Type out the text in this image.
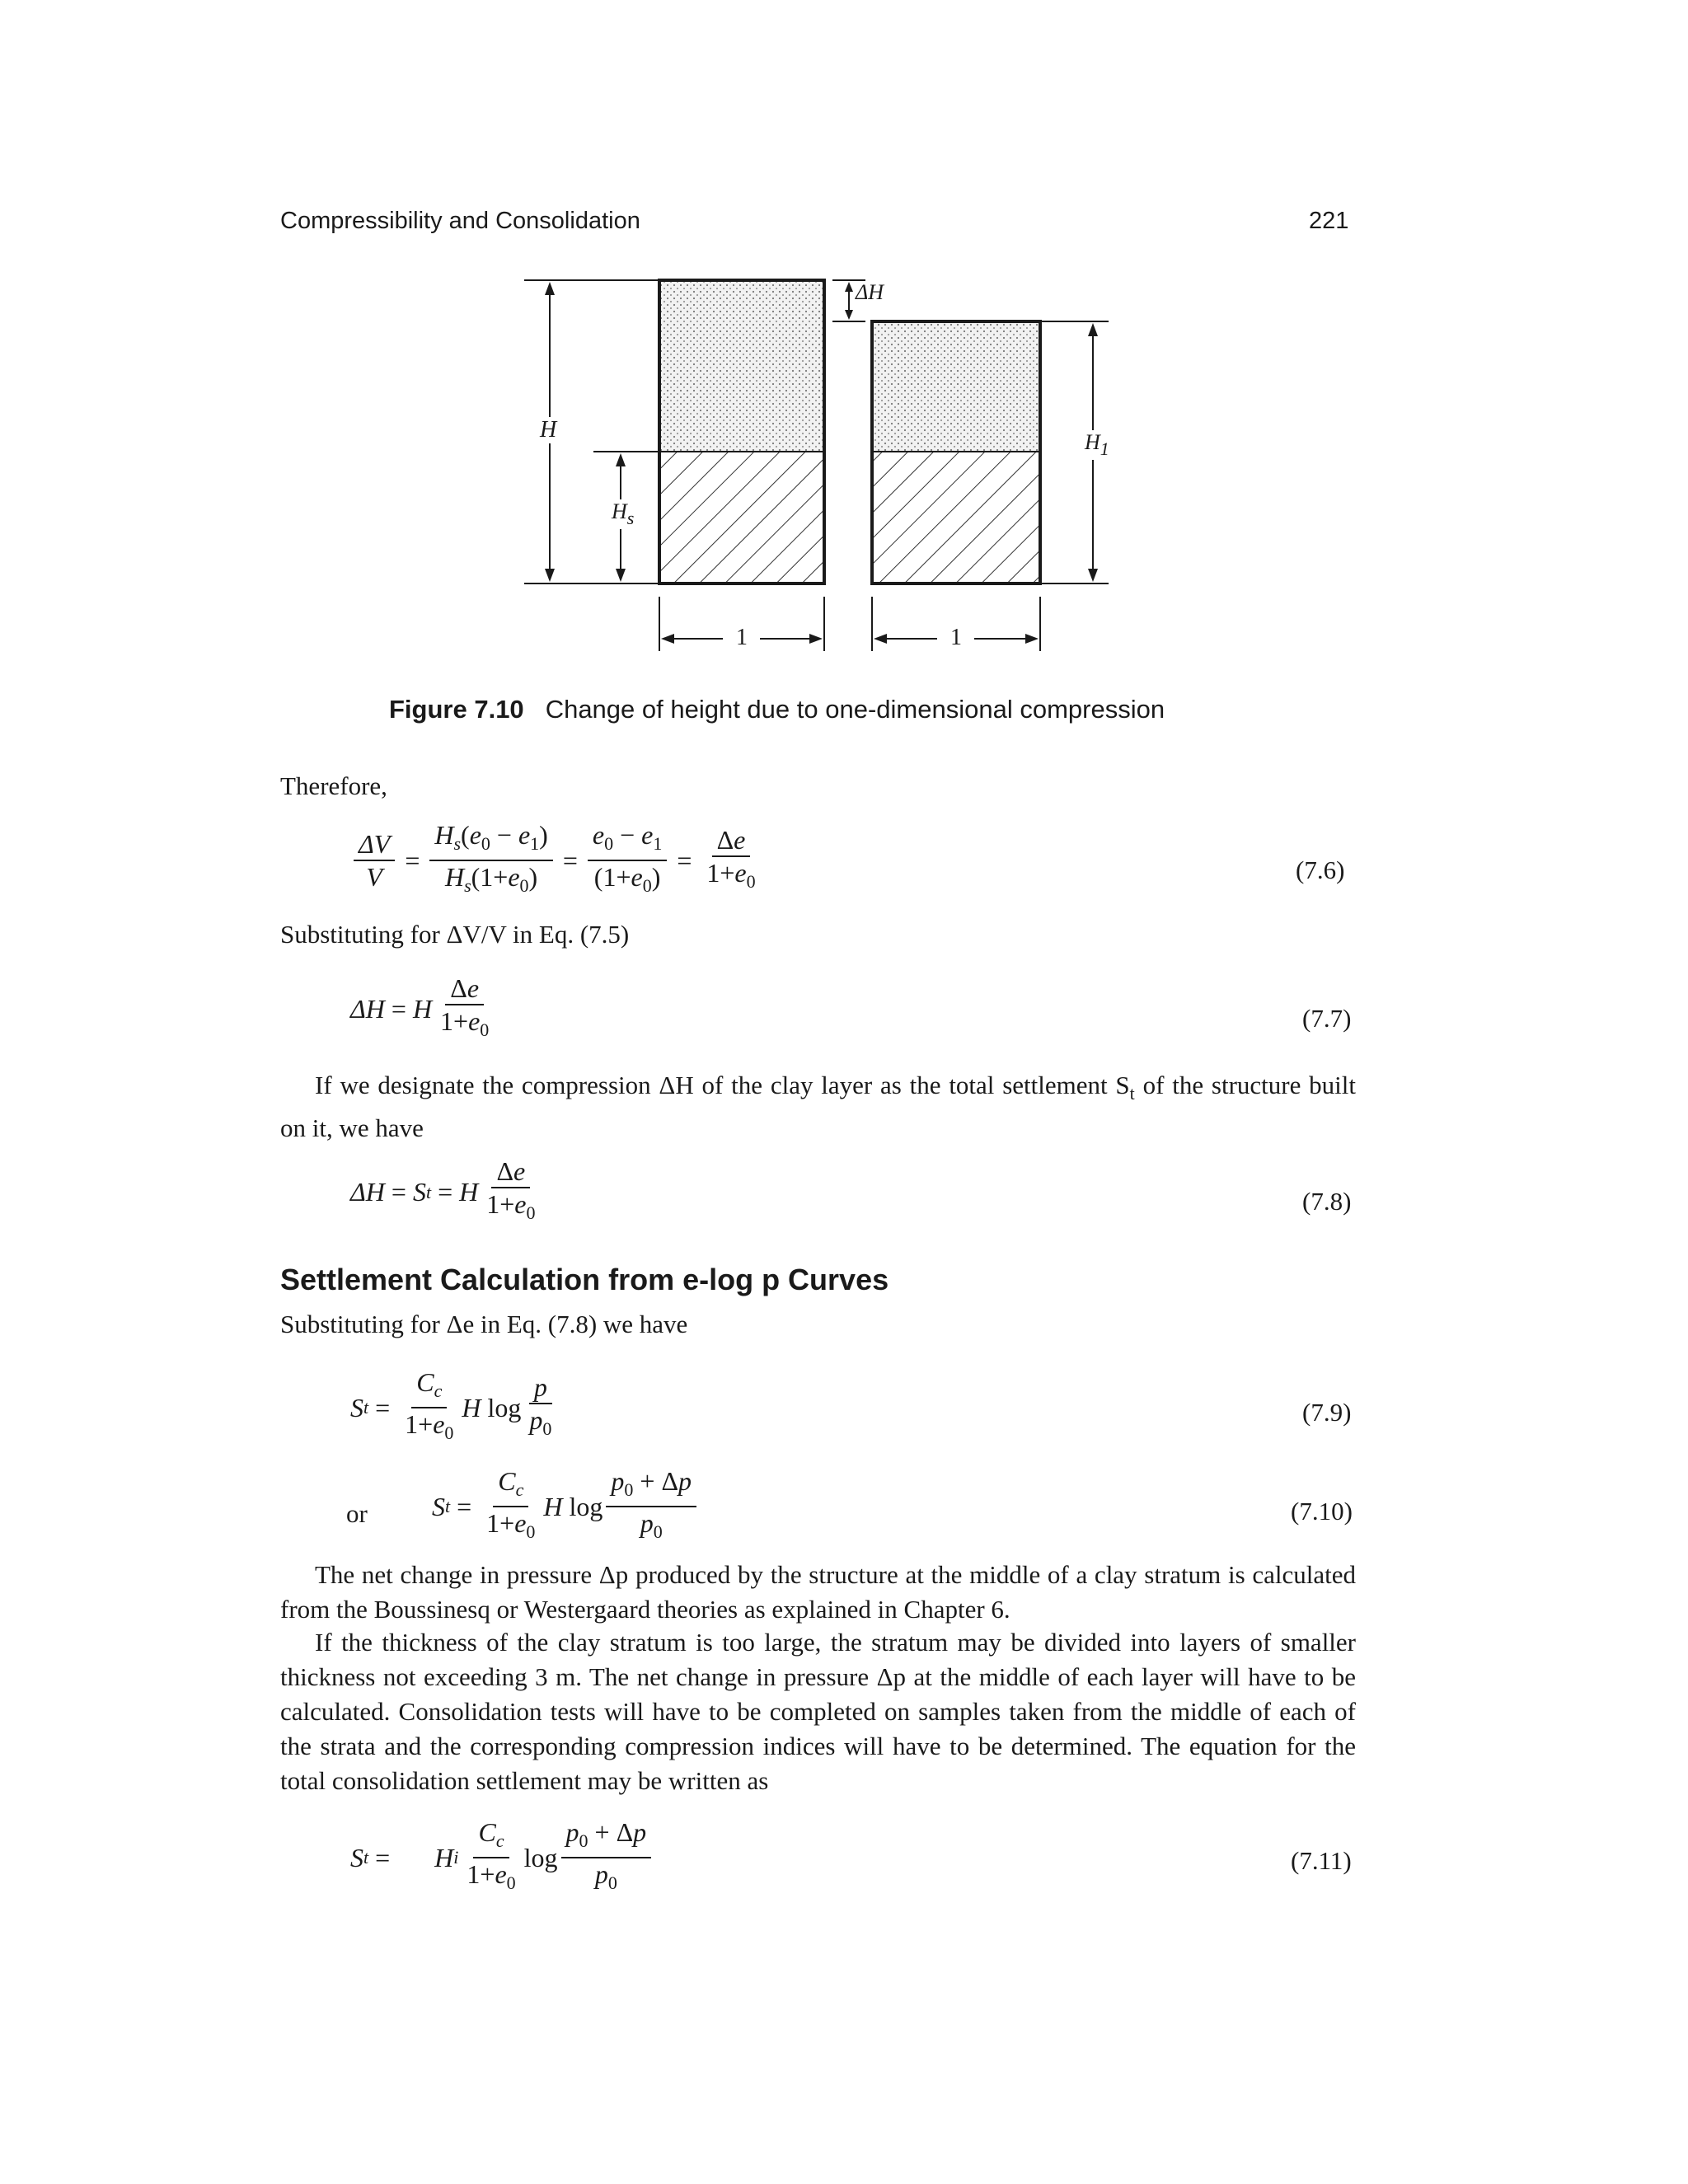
Compressibility and Consolidation	221
H
$H_s$
ΔH
$H_1$
1	1
Figure 7.10 Change of height due to one-dimensional compression
Therefore,
$\frac{\Delta V}{V} = \frac{H_s(e_0 - e_1)}{H_s(1+e_0)} = \frac{e_0 - e_1}{(1+e_0)} = \frac{\Delta e}{1+e_0}$	(7.6)
Substituting for ΔV/V in Eq. (7.5)
ΔH = H $\frac{\Delta e}{1+e_0}$	(7.7)
If we designate the compression ΔH of the clay layer as the total settlement $S_t$ of the structure built on it, we have
ΔH = S t = H $\frac{\Delta e}{1+e_0}$	(7.8)
Settlement Calculation from e-log p Curves
Substituting for Δe in Eq. (7.8) we have
S $t = \frac{C_c}{1+e_0}$ H $\log \frac{p}{p_0}$	(7.9)
or S $t = \frac{C_c}{1+e_0}$ H $\log \frac{p_0 + \Delta p}{p_0}$	(7.10)
The net change in pressure Δp produced by the structure at the middle of a clay stratum is calculated from the Boussinesq or Westergaard theories as explained in Chapter 6.
If the thickness of the clay stratum is too large, the stratum may be divided into layers of smaller thickness not exceeding 3 m. The net change in pressure Δp at the middle of each layer will have to be calculated. Consolidation tests will have to be completed on samples taken from the middle of each of the strata and the corresponding compression indices will have to be determined. The equation for the total consolidation settlement may be written as
S t = H i $\frac{C_c}{1+e_0}$ $\log \frac{p_0 + \Delta p}{p_0}$	(7.11)
